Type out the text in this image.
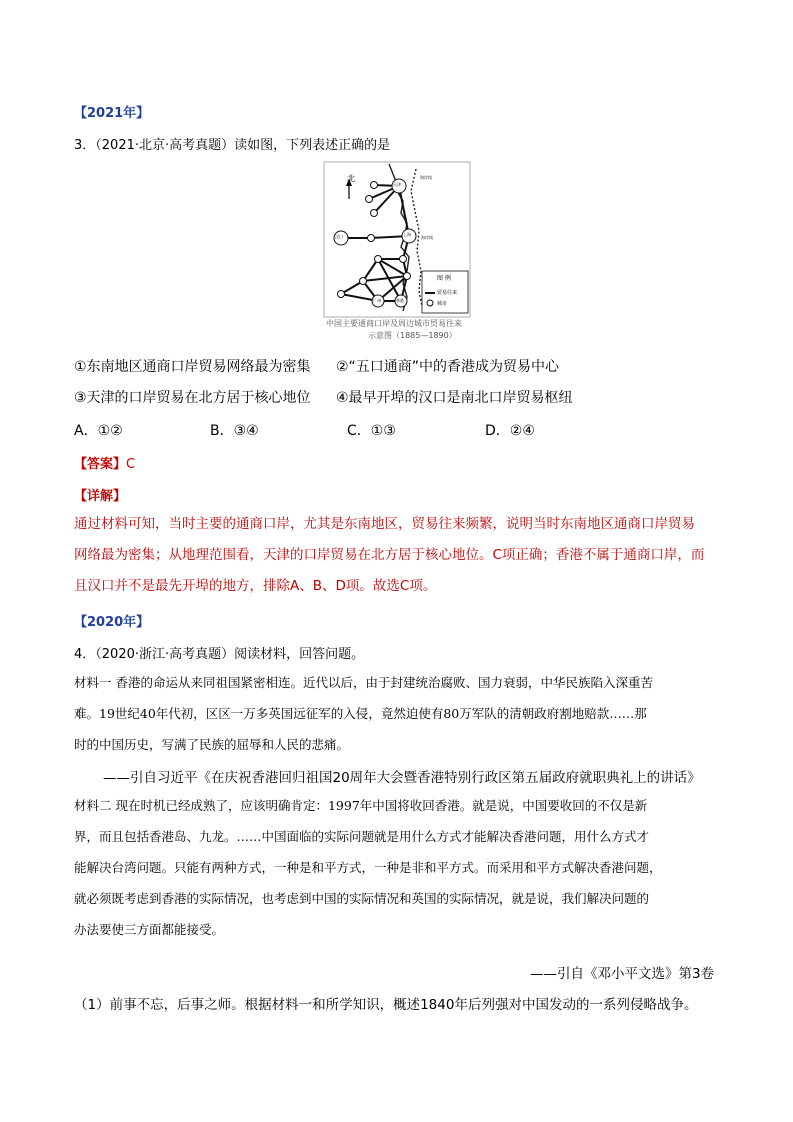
【2021年】
3．（2021·北京·高考真题）读如图，下列表述正确的是
北
天津
汉口	上海
广州	香港
海岸线
海岸线
图 例
贸易往来
城市
中国主要通商口岸及周边城市贸易往来
示意图（1885—1890）
①东南地区通商口岸贸易网络最为密集 ②“五口通商”中的香港成为贸易中心
③天津的口岸贸易在北方居于核心地位 ④最早开埠的汉口是南北口岸贸易枢纽
A．①②	B．③④	C．①③	D．②④
【答案】C
【详解】
通过材料可知，当时主要的通商口岸，尤其是东南地区，贸易往来频繁，说明当时东南地区通商口岸贸易
网络最为密集；从地理范围看，天津的口岸贸易在北方居于核心地位。C项正确；香港不属于通商口岸，而
且汉口并不是最先开埠的地方，排除A、B、D项。故选C项。
【2020年】
4．（2020·浙江·高考真题）阅读材料，回答问题。
材料一 香港的命运从来同祖国紧密相连。近代以后，由于封建统治腐败、国力衰弱，中华民族陷入深重苦
难。19世纪40年代初，区区一万多英国远征军的入侵，竟然迫使有80万军队的清朝政府割地赔款……那
时的中国历史，写满了民族的屈辱和人民的悲痛。
——引自习近平《在庆祝香港回归祖国20周年大会暨香港特别行政区第五届政府就职典礼上的讲话》
材料二 现在时机已经成熟了，应该明确肯定：1997年中国将收回香港。就是说，中国要收回的不仅是新
界，而且包括香港岛、九龙。……中国面临的实际问题就是用什么方式才能解决香港问题，用什么方式才
能解决台湾问题。只能有两种方式，一种是和平方式，一种是非和平方式。而采用和平方式解决香港问题，
就必须既考虑到香港的实际情况，也考虑到中国的实际情况和英国的实际情况，就是说，我们解决问题的
办法要使三方面都能接受。
——引自《邓小平文选》第3卷
（1）前事不忘，后事之师。根据材料一和所学知识，概述1840年后列强对中国发动的一系列侵略战争。
